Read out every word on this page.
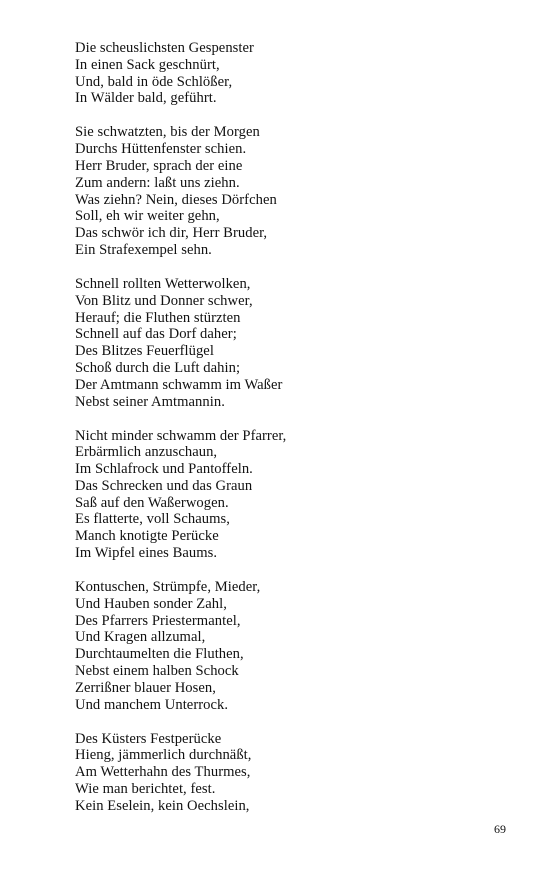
Die scheuslichsten Gespenster
In einen Sack geschnürt,
Und, bald in öde Schlößer,
In Wälder bald, geführt.
Sie schwatzten, bis der Morgen
Durchs Hüttenfenster schien.
Herr Bruder, sprach der eine
Zum andern: laßt uns ziehn.
Was ziehn? Nein, dieses Dörfchen
Soll, eh wir weiter gehn,
Das schwör ich dir, Herr Bruder,
Ein Strafexempel sehn.
Schnell rollten Wetterwolken,
Von Blitz und Donner schwer,
Herauf; die Fluthen stürzten
Schnell auf das Dorf daher;
Des Blitzes Feuerflügel
Schoß durch die Luft dahin;
Der Amtmann schwamm im Waßer
Nebst seiner Amtmannin.
Nicht minder schwamm der Pfarrer,
Erbärmlich anzuschaun,
Im Schlafrock und Pantoffeln.
Das Schrecken und das Graun
Saß auf den Waßerwogen.
Es flatterte, voll Schaums,
Manch knotigte Perücke
Im Wipfel eines Baums.
Kontuschen, Strümpfe, Mieder,
Und Hauben sonder Zahl,
Des Pfarrers Priestermantel,
Und Kragen allzumal,
Durchtaumelten die Fluthen,
Nebst einem halben Schock
Zerrißner blauer Hosen,
Und manchem Unterrock.
Des Küsters Festperücke
Hieng, jämmerlich durchnäßt,
Am Wetterhahn des Thurmes,
Wie man berichtet, fest.
Kein Eselein, kein Oechslein,
69
